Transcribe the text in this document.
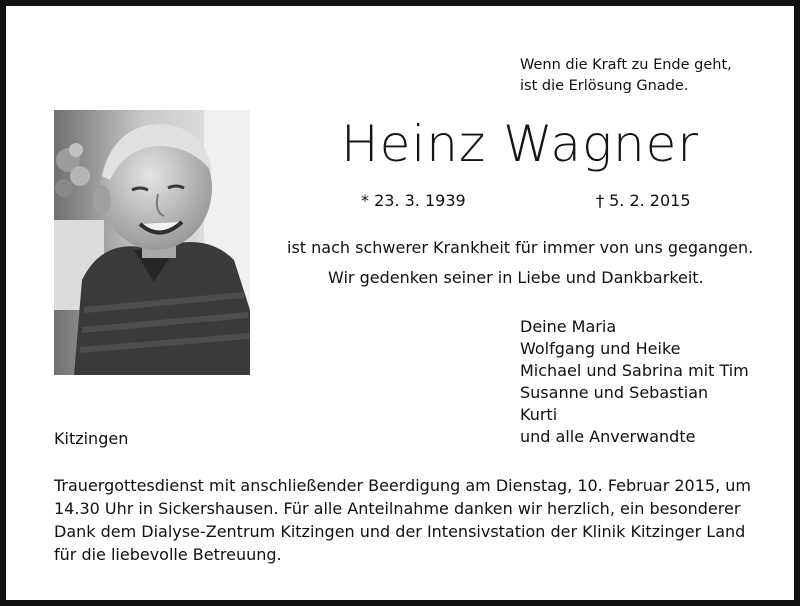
Wenn die Kraft zu Ende geht,
ist die Erlösung Gnade.
Heinz Wagner
* 23. 3. 1939	† 5. 2. 2015
ist nach schwerer Krankheit für immer von uns gegangen.
Wir gedenken seiner in Liebe und Dankbarkeit.
Deine Maria
Wolfgang und Heike
Michael und Sabrina mit Tim
Susanne und Sebastian
Kurti
und alle Anverwandte
Kitzingen
Trauergottesdienst mit anschließender Beerdigung am Dienstag, 10. Februar 2015, um
14.30 Uhr in Sickershausen. Für alle Anteilnahme danken wir herzlich, ein besonderer
Dank dem Dialyse-Zentrum Kitzingen und der Intensivstation der Klinik Kitzinger Land
für die liebevolle Betreuung.
